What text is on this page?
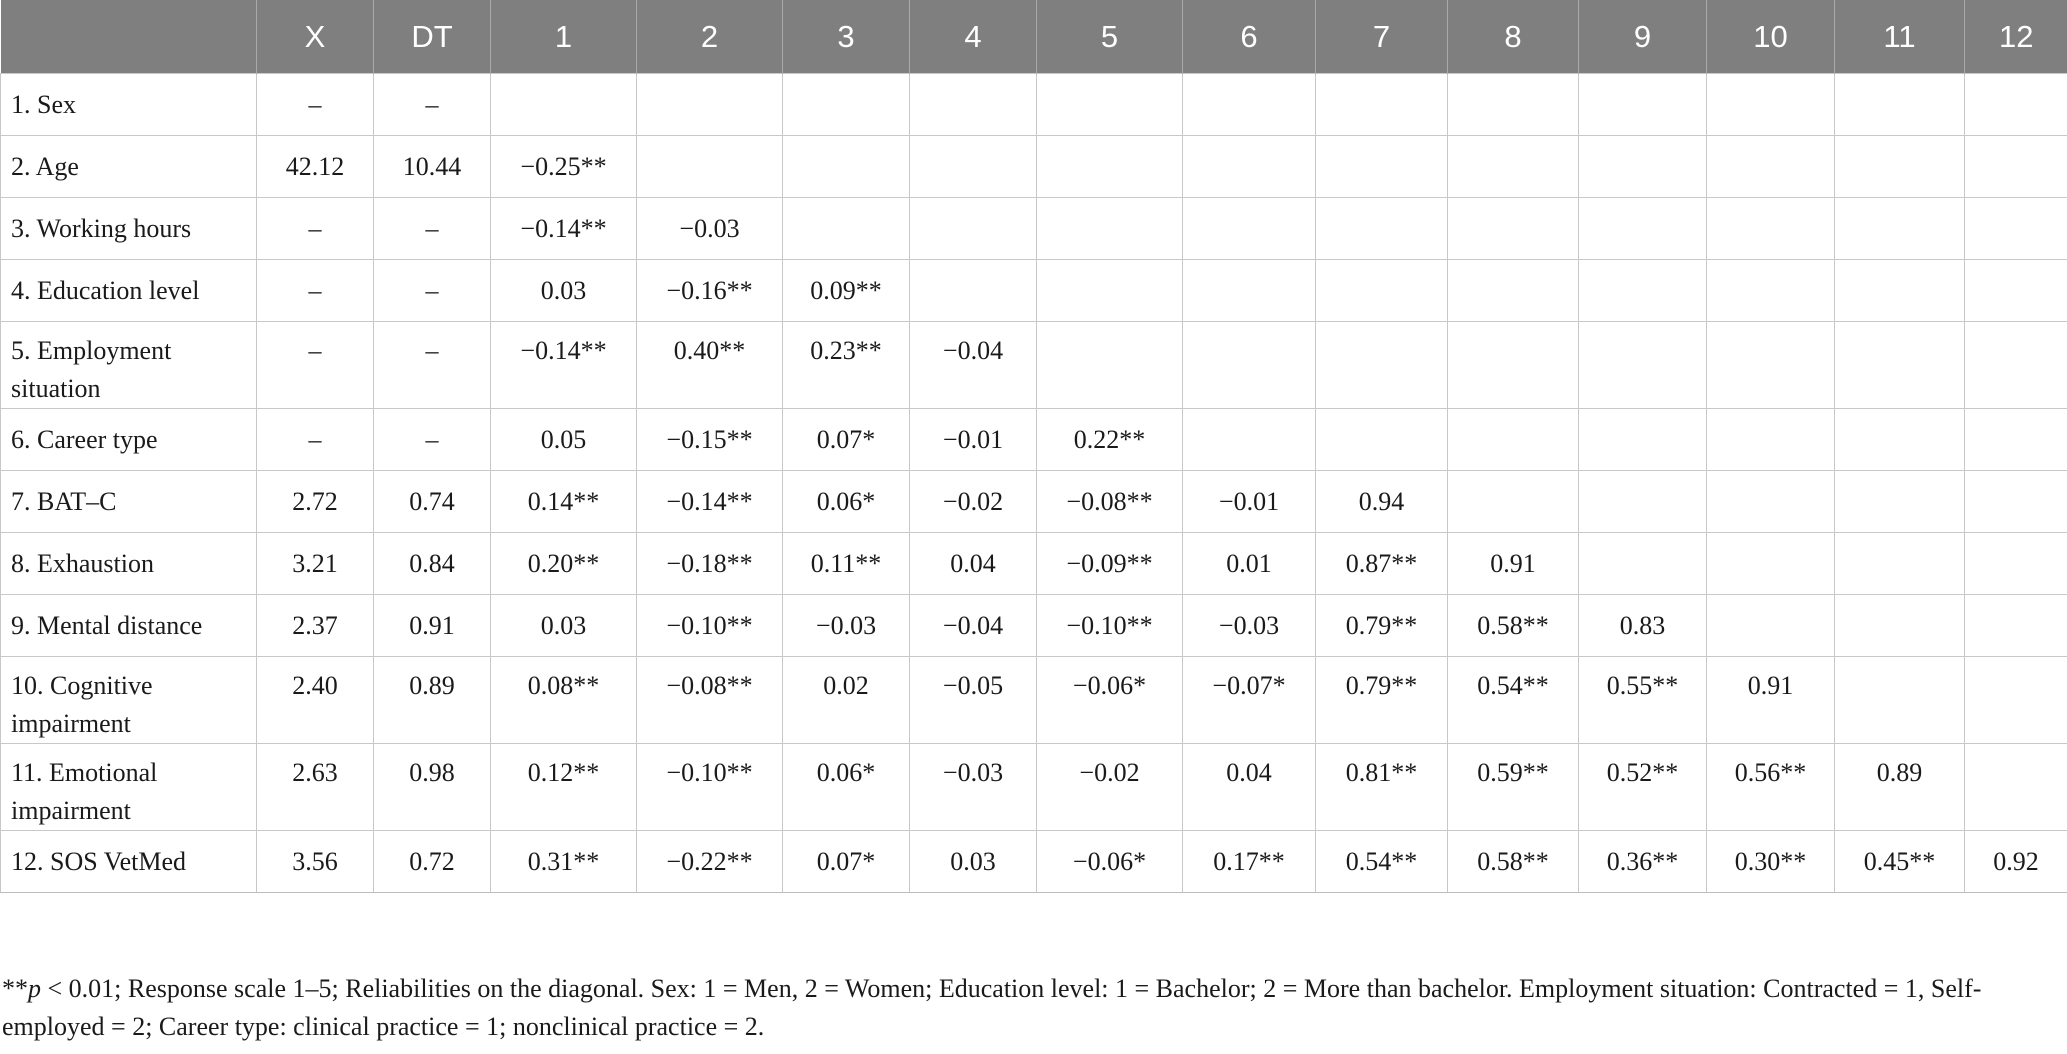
	X	DT	1	2	3	4	5	6	7	8	9	10	11	12
1. Sex	–	–												
2. Age	42.12	10.44	−0.25**											
3. Working hours	–	–	−0.14**	−0.03										
4. Education level	–	–	0.03	−0.16**	0.09**									
5. Employment situation	–	–	−0.14**	0.40**	0.23**	−0.04								
6. Career type	–	–	0.05	−0.15**	0.07*	−0.01	0.22**							
7. BAT–C	2.72	0.74	0.14**	−0.14**	0.06*	−0.02	−0.08**	−0.01	0.94					
8. Exhaustion	3.21	0.84	0.20**	−0.18**	0.11**	0.04	−0.09**	0.01	0.87**	0.91				
9. Mental distance	2.37	0.91	0.03	−0.10**	−0.03	−0.04	−0.10**	−0.03	0.79**	0.58**	0.83			
10. Cognitive impairment	2.40	0.89	0.08**	−0.08**	0.02	−0.05	−0.06*	−0.07*	0.79**	0.54**	0.55**	0.91		
11. Emotional impairment	2.63	0.98	0.12**	−0.10**	0.06*	−0.03	−0.02	0.04	0.81**	0.59**	0.52**	0.56**	0.89	
12. SOS VetMed	3.56	0.72	0.31**	−0.22**	0.07*	0.03	−0.06*	0.17**	0.54**	0.58**	0.36**	0.30**	0.45**	0.92
**p < 0.01; Response scale 1–5; Reliabilities on the diagonal. Sex: 1 = Men, 2 = Women; Education level: 1 = Bachelor; 2 = More than bachelor. Employment situation: Contracted = 1, Self-employed = 2; Career type: clinical practice = 1; nonclinical practice = 2.
